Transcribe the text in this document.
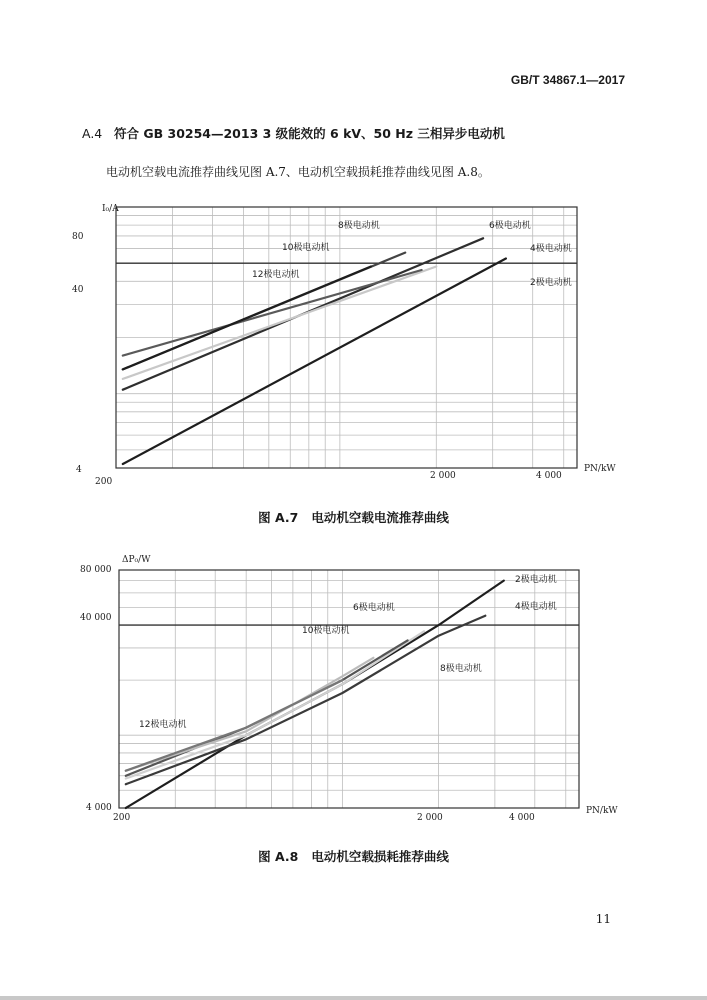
GB/T 34867.1—2017
A.4 符合 GB 30254—2013 3 级能效的 6 kV、50 Hz 三相异步电动机
电动机空载电流推荐曲线见图 A.7、电动机空载损耗推荐曲线见图 A.8。
I₀/A
PN/kW
80
40
4
200
2 000	4 000
8极电动机	6极电动机
10极电动机	4极电动机
12极电动机
2极电动机
图 A.7   电动机空载电流推荐曲线
ΔP₀/W
PN/kW
80 000
40 000
4 000
200	2 000	4 000
2极电动机
6极电动机	4极电动机
10极电动机
8极电动机
12极电动机
图 A.8   电动机空载损耗推荐曲线
11
